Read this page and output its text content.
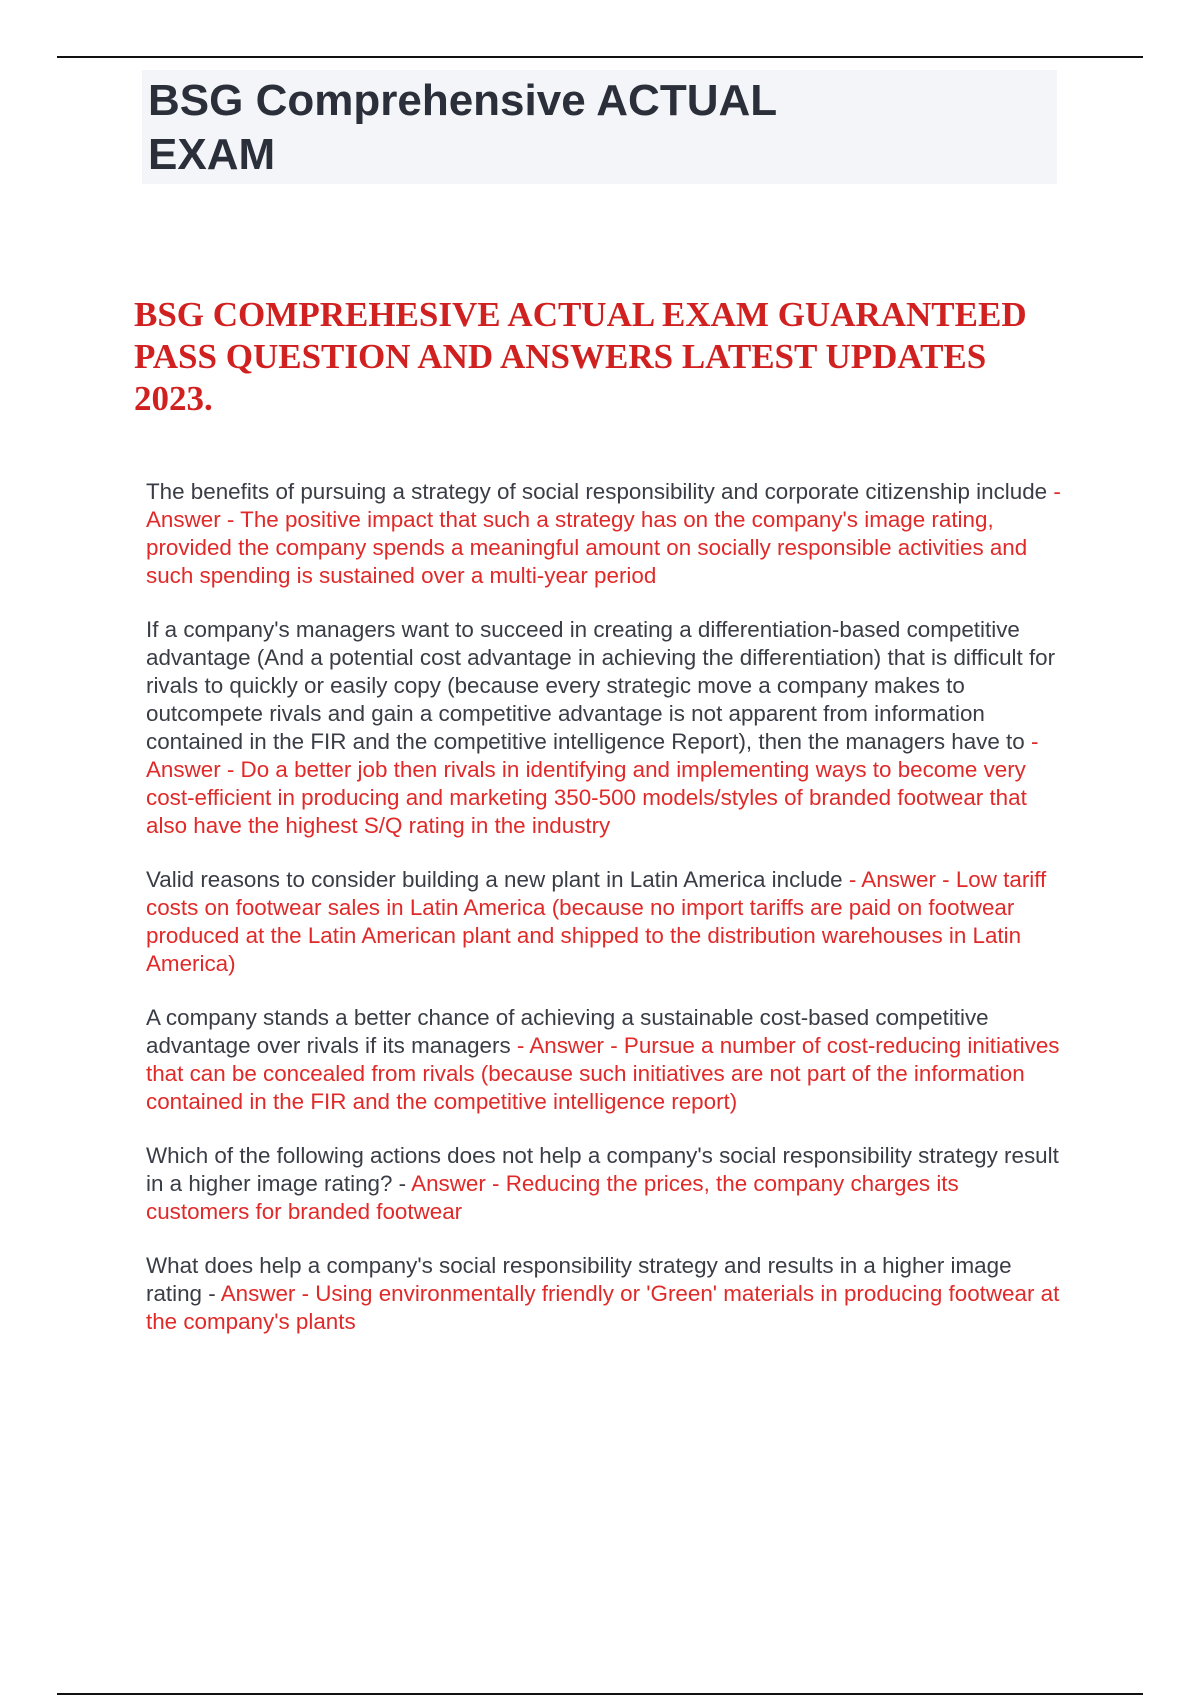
BSG Comprehensive ACTUAL EXAM
BSG COMPREHESIVE ACTUAL EXAM GUARANTEED PASS QUESTION AND ANSWERS LATEST UPDATES 2023.

The benefits of pursuing a strategy of social responsibility and corporate citizenship include - Answer - The positive impact that such a strategy has on the company's image rating, provided the company spends a meaningful amount on socially responsible activities and such spending is sustained over a multi-year period

If a company's managers want to succeed in creating a differentiation-based competitive advantage (And a potential cost advantage in achieving the differentiation) that is difficult for rivals to quickly or easily copy (because every strategic move a company makes to outcompete rivals and gain a competitive advantage is not apparent from information contained in the FIR and the competitive intelligence Report), then the managers have to - Answer - Do a better job then rivals in identifying and implementing ways to become very cost-efficient in producing and marketing 350-500 models/styles of branded footwear that also have the highest S/Q rating in the industry

Valid reasons to consider building a new plant in Latin America include - Answer - Low tariff costs on footwear sales in Latin America (because no import tariffs are paid on footwear produced at the Latin American plant and shipped to the distribution warehouses in Latin America)

A company stands a better chance of achieving a sustainable cost-based competitive advantage over rivals if its managers - Answer - Pursue a number of cost-reducing initiatives that can be concealed from rivals (because such initiatives are not part of the information contained in the FIR and the competitive intelligence report)

Which of the following actions does not help a company's social responsibility strategy result in a higher image rating? - Answer - Reducing the prices, the company charges its customers for branded footwear

What does help a company's social responsibility strategy and results in a higher image rating - Answer - Using environmentally friendly or 'Green' materials in producing footwear at the company's plants
